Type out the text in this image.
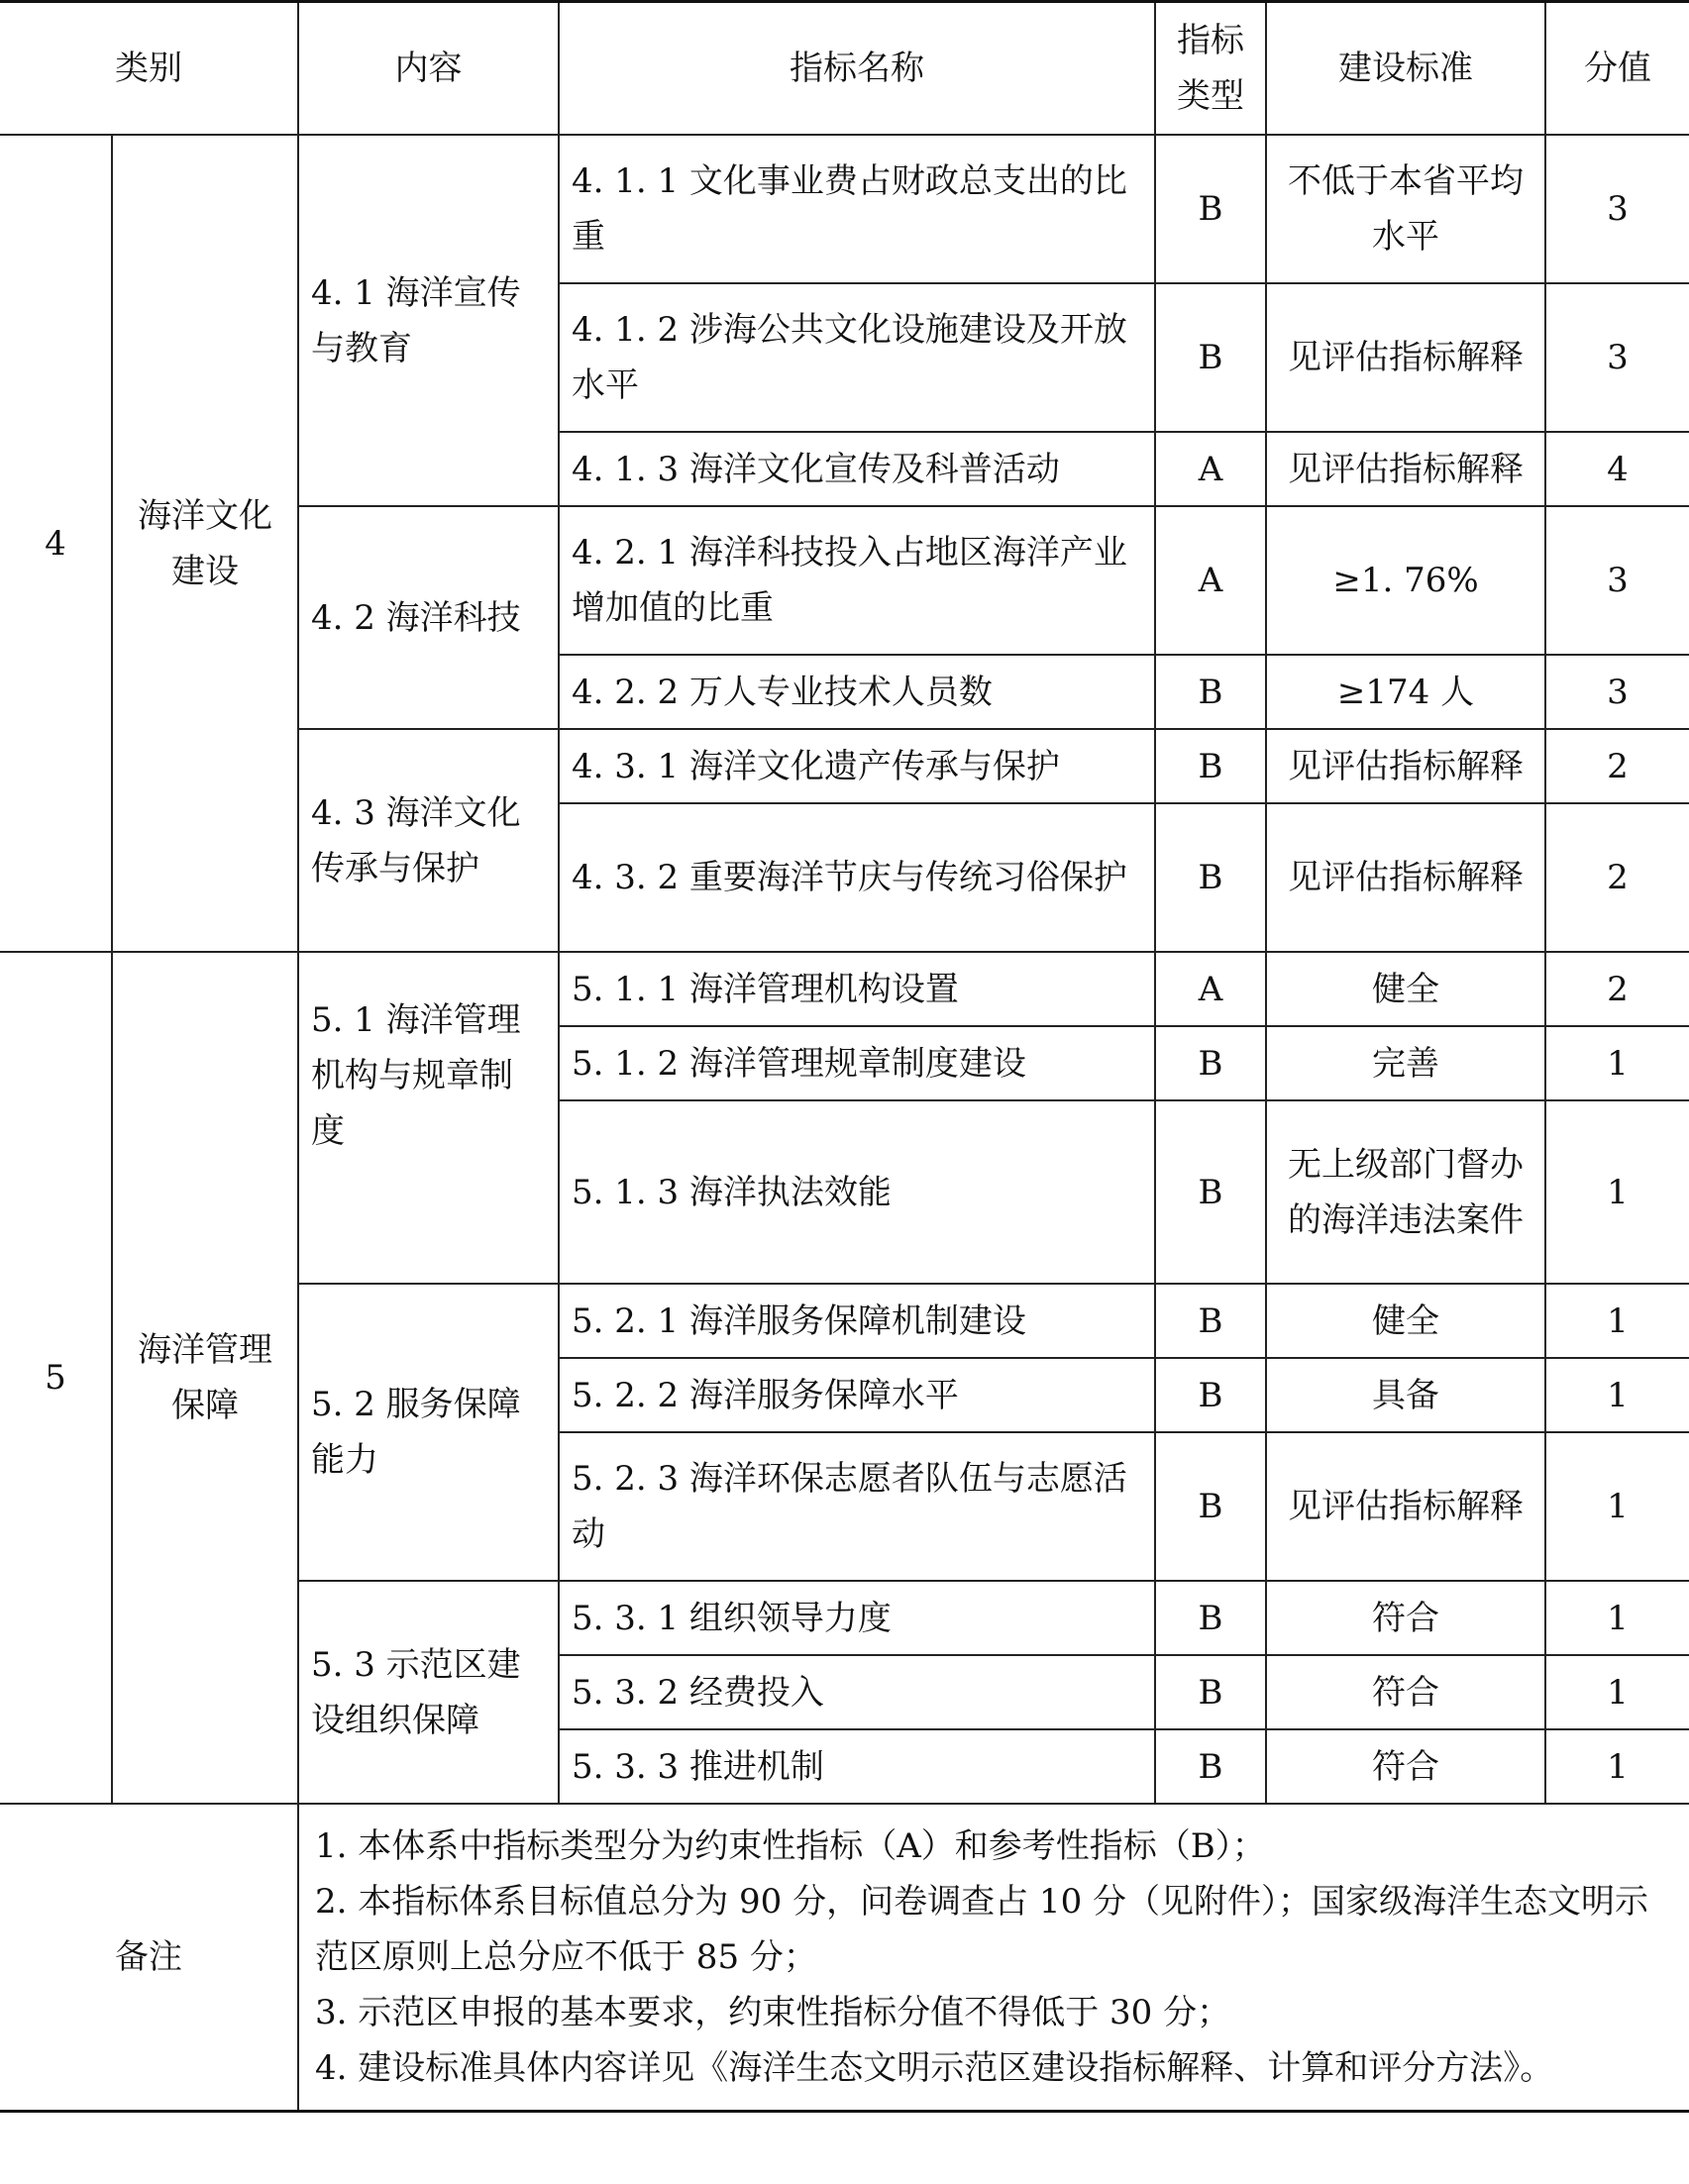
类别		内容	指标名称	指标类型	建设标准	分值
4	海洋文化建设	4. 1 海洋宣传与教育	4. 1. 1 文化事业费占财政总支出的比重	B	不低于本省平均水平	3
			4. 1. 2 涉海公共文化设施建设及开放水平	B	见评估指标解释	3
			4. 1. 3 海洋文化宣传及科普活动	A	见评估指标解释	4
		4. 2 海洋科技	4. 2. 1 海洋科技投入占地区海洋产业增加值的比重	A	≥1. 76%	3
			4. 2. 2 万人专业技术人员数	B	≥174 人	3
		4. 3 海洋文化传承与保护	4. 3. 1 海洋文化遗产传承与保护	B	见评估指标解释	2
			4. 3. 2 重要海洋节庆与传统习俗保护	B	见评估指标解释	2
5	海洋管理保障	5. 1 海洋管理机构与规章制度	5. 1. 1 海洋管理机构设置	A	健全	2
			5. 1. 2 海洋管理规章制度建设	B	完善	1
			5. 1. 3 海洋执法效能	B	无上级部门督办的海洋违法案件	1
		5. 2 服务保障能力	5. 2. 1 海洋服务保障机制建设	B	健全	1
			5. 2. 2 海洋服务保障水平	B	具备	1
			5. 2. 3 海洋环保志愿者队伍与志愿活动	B	见评估指标解释	1
		5. 3 示范区建设组织保障	5. 3. 1 组织领导力度	B	符合	1
			5. 3. 2 经费投入	B	符合	1
			5. 3. 3 推进机制	B	符合	1
备注		1. 本体系中指标类型分为约束性指标（A）和参考性指标（B）；
2. 本指标体系目标值总分为 90 分，问卷调查占 10 分（见附件）；国家级海洋生态文明示范区原则上总分应不低于 85 分；
3. 示范区申报的基本要求，约束性指标分值不得低于 30 分；
4. 建设标准具体内容详见《海洋生态文明示范区建设指标解释、计算和评分方法》。				
